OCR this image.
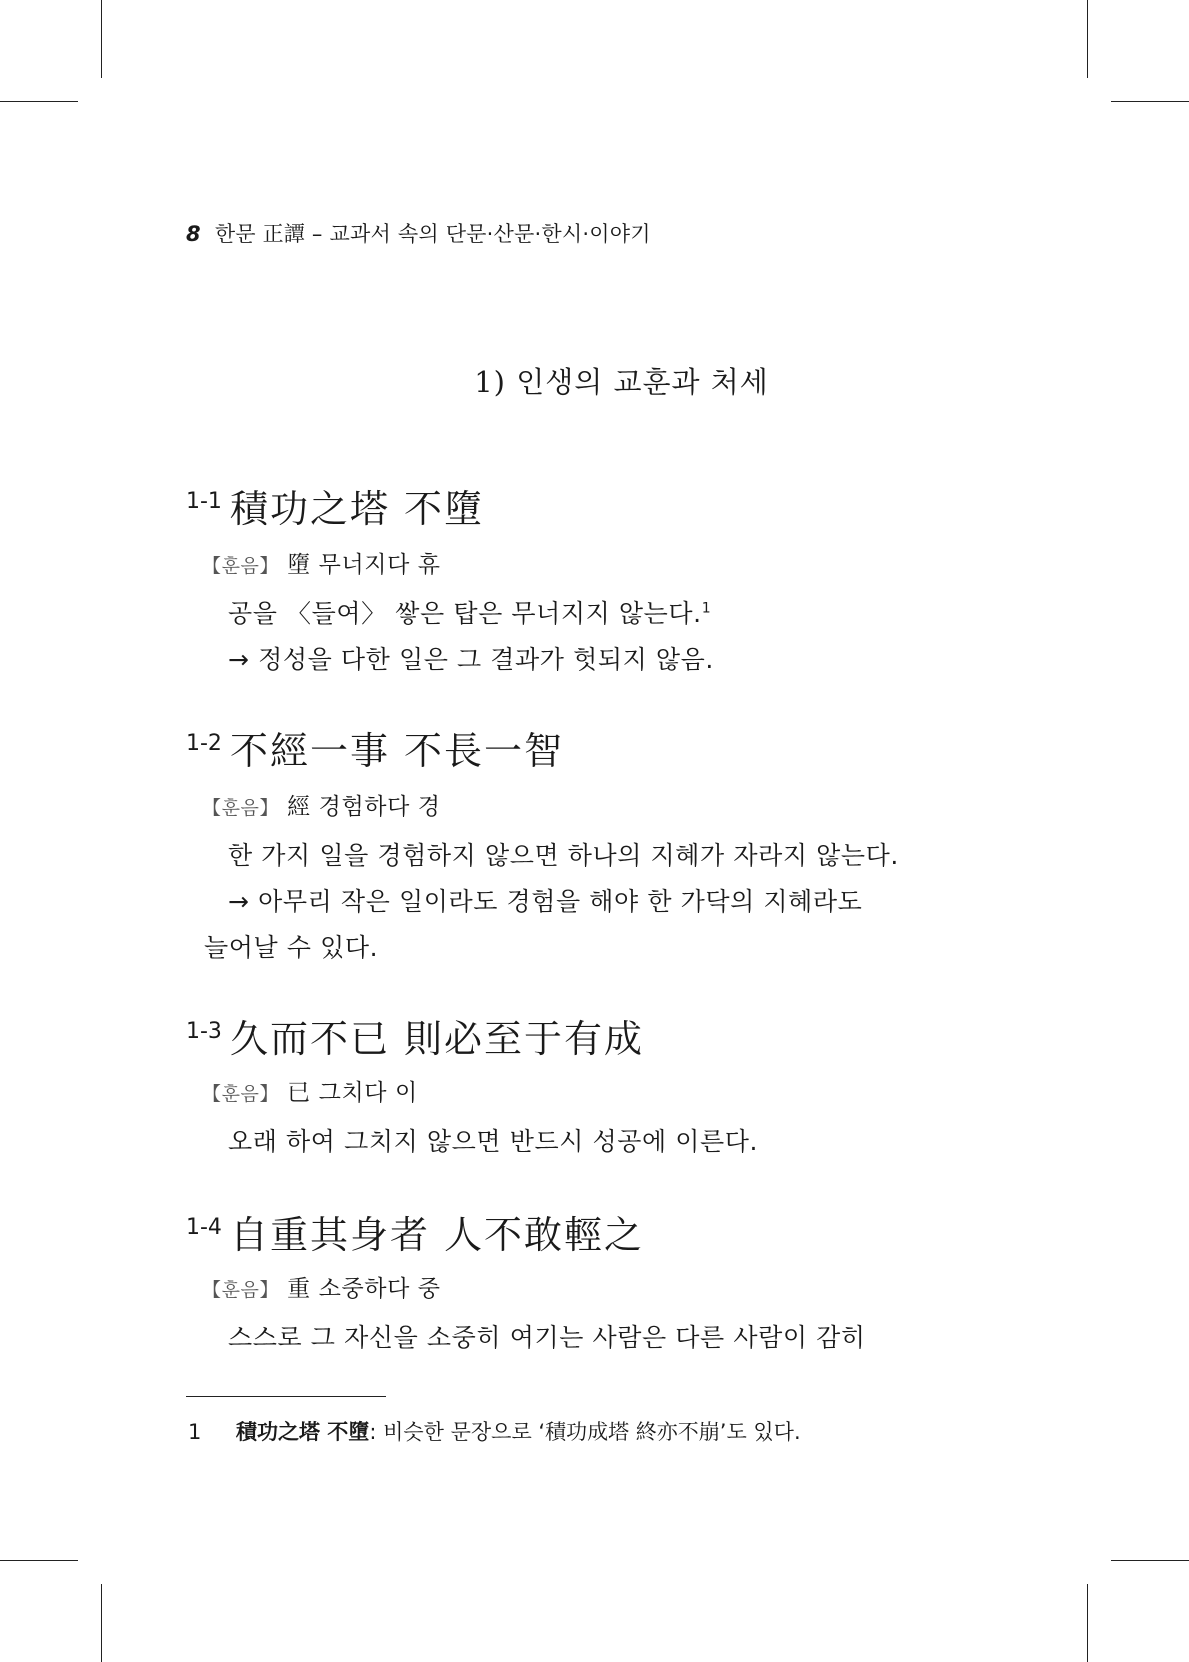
8 한문 正譚 – 교과서 속의 단문·산문·한시·이야기
1) 인생의 교훈과 처세
1-1 積功之塔 不墮
【훈음】 墮 무너지다 휴
공을 〈들여〉 쌓은 탑은 무너지지 않는다.$^1$
→ 정성을 다한 일은 그 결과가 헛되지 않음.
1-2 不經一事 不長一智
【훈음】 經 경험하다 경
한 가지 일을 경험하지 않으면 하나의 지혜가 자라지 않는다.
→ 아무리 작은 일이라도 경험을 해야 한 가닥의 지혜라도
늘어날 수 있다.
1-3 久而不已 則必至于有成
【훈음】 已 그치다 이
오래 하여 그치지 않으면 반드시 성공에 이른다.
1-4 自重其身者 人不敢輕之
【훈음】 重 소중하다 중
스스로 그 자신을 소중히 여기는 사람은 다른 사람이 감히
1 積功之塔 不墮: 비슷한 문장으로 ‘積功成塔 終亦不崩’도 있다.
